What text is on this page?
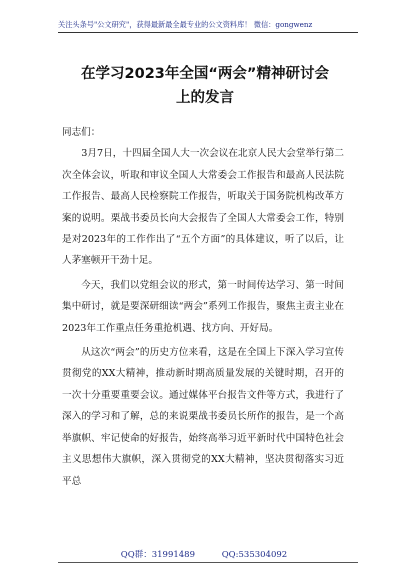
关注头条号"公文研究"，获得最新最全最专业的公文资料库！ 微信：gongwenz
在学习2023年全国“两会”精神研讨会
上的发言

同志们：

3月7日，十四届全国人大一次会议在北京人民大会堂举行第二次全体会议，听取和审议全国人大常委会工作报告和最高人民法院工作报告、最高人民检察院工作报告，听取关于国务院机构改革方案的说明。栗战书委员长向大会报告了全国人大常委会工作，特别是对2023年的工作作出了“五个方面”的具体建议，听了以后，让人茅塞顿开干劲十足。

今天，我们以党组会议的形式，第一时间传达学习、第一时间集中研讨，就是要深研细读“两会”系列工作报告，聚焦主责主业在2023年工作重点任务重抢机遇、找方向、开好局。

从这次“两会”的历史方位来看，这是在全国上下深入学习宣传贯彻党的XX大精神，推动新时期高质量发展的关键时期，召开的一次十分重要重要会议。通过媒体平台报告文件等方式，我进行了深入的学习和了解，总的来说栗战书委员长所作的报告，是一个高举旗帜、牢记使命的好报告，始终高举习近平新时代中国特色社会主义思想伟大旗帜，深入贯彻党的XX大精神，坚决贯彻落实习近平总

QQ群：31991489	QQ:535304092
